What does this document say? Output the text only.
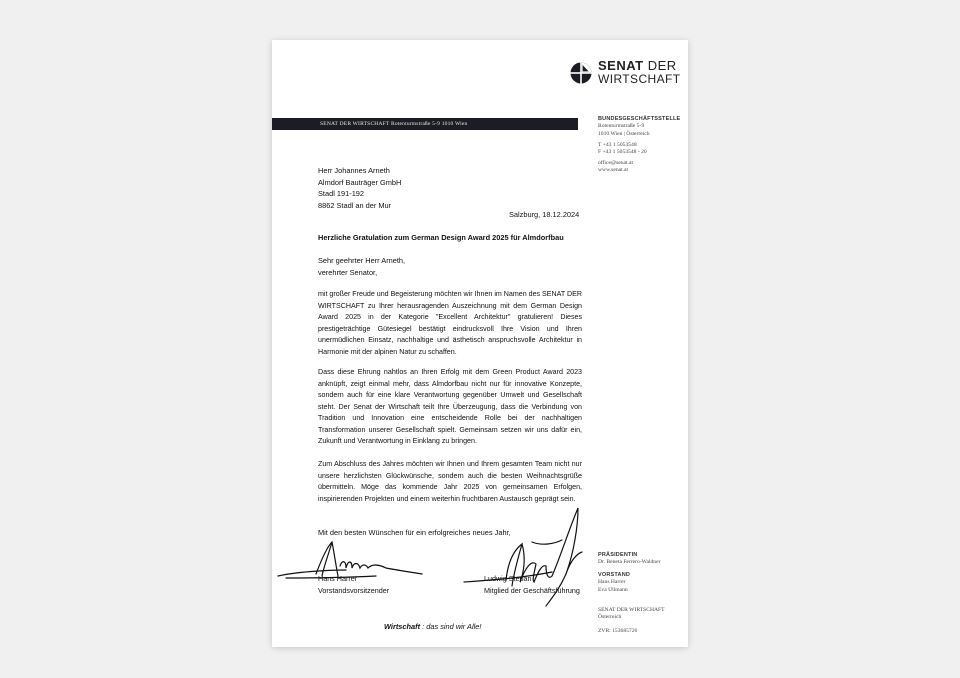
SENAT DER
WIRTSCHAFT
SENAT DER WIRTSCHAFT Rotenturmstraße 5-9 1010 Wien
BUNDESGESCHÄFTSSTELLE
Rotenturmstraße 5-9
1010 Wien | Österreich
T +43 1 5053548
F +43 1 5053548 - 20
office@senat.at
www.senat.at
PRÄSIDENTIN
Dr. Beneta Ferrero-Waldner
VORSTAND
Hans Harrer
Eva Ullmann
SENAT DER WIRTSCHAFT
Österreich
ZVR: 153685726
Herr Johannes Arneth
Almdorf Bauträger GmbH
Stadl 191-192
8862 Stadl an der Mur
Salzburg, 18.12.2024
Herzliche Gratulation zum German Design Award 2025 für Almdorfbau
Sehr geehrter Herr Arneth,
verehrter Senator,

mit großer Freude und Begeisterung möchten wir Ihnen im Namen des SENAT DER WIRTSCHAFT zu Ihrer herausragenden Auszeichnung mit dem German Design Award 2025 in der Kategorie "Excellent Architektur" gratulieren! Dieses prestigeträchtige Gütesiegel bestätigt eindrucksvoll Ihre Vision und Ihren unermüdlichen Einsatz, nachhaltige und ästhetisch anspruchsvolle Architektur in Harmonie mit der alpinen Natur zu schaffen.

Dass diese Ehrung nahtlos an Ihren Erfolg mit dem Green Product Award 2023 anknüpft, zeigt einmal mehr, dass Almdorfbau nicht nur für innovative Konzepte, sondern auch für eine klare Verantwortung gegenüber Umwelt und Gesellschaft steht. Der Senat der Wirtschaft teilt Ihre Überzeugung, dass die Verbindung von Tradition und Innovation eine entscheidende Rolle bei der nachhaltigen Transformation unserer Gesellschaft spielt. Gemeinsam setzen wir uns dafür ein, Zukunft und Verantwortung in Einklang zu bringen.

Zum Abschluss des Jahres möchten wir Ihnen und Ihrem gesamten Team nicht nur unsere herzlichsten Glückwünsche, sondern auch die besten Weihnachtsgrüße übermitteln. Möge das kommende Jahr 2025 von gemeinsamen Erfolgen, inspirierenden Projekten und einem weiterhin fruchtbaren Austausch geprägt sein.

Mit den besten Wünschen für ein erfolgreiches neues Jahr,
Hans Harrer
Vorstandsvorsitzender
Ludwig Stepan
Mitglied der Geschäftsführung
Wirtschaft : das sind wir Alle!
